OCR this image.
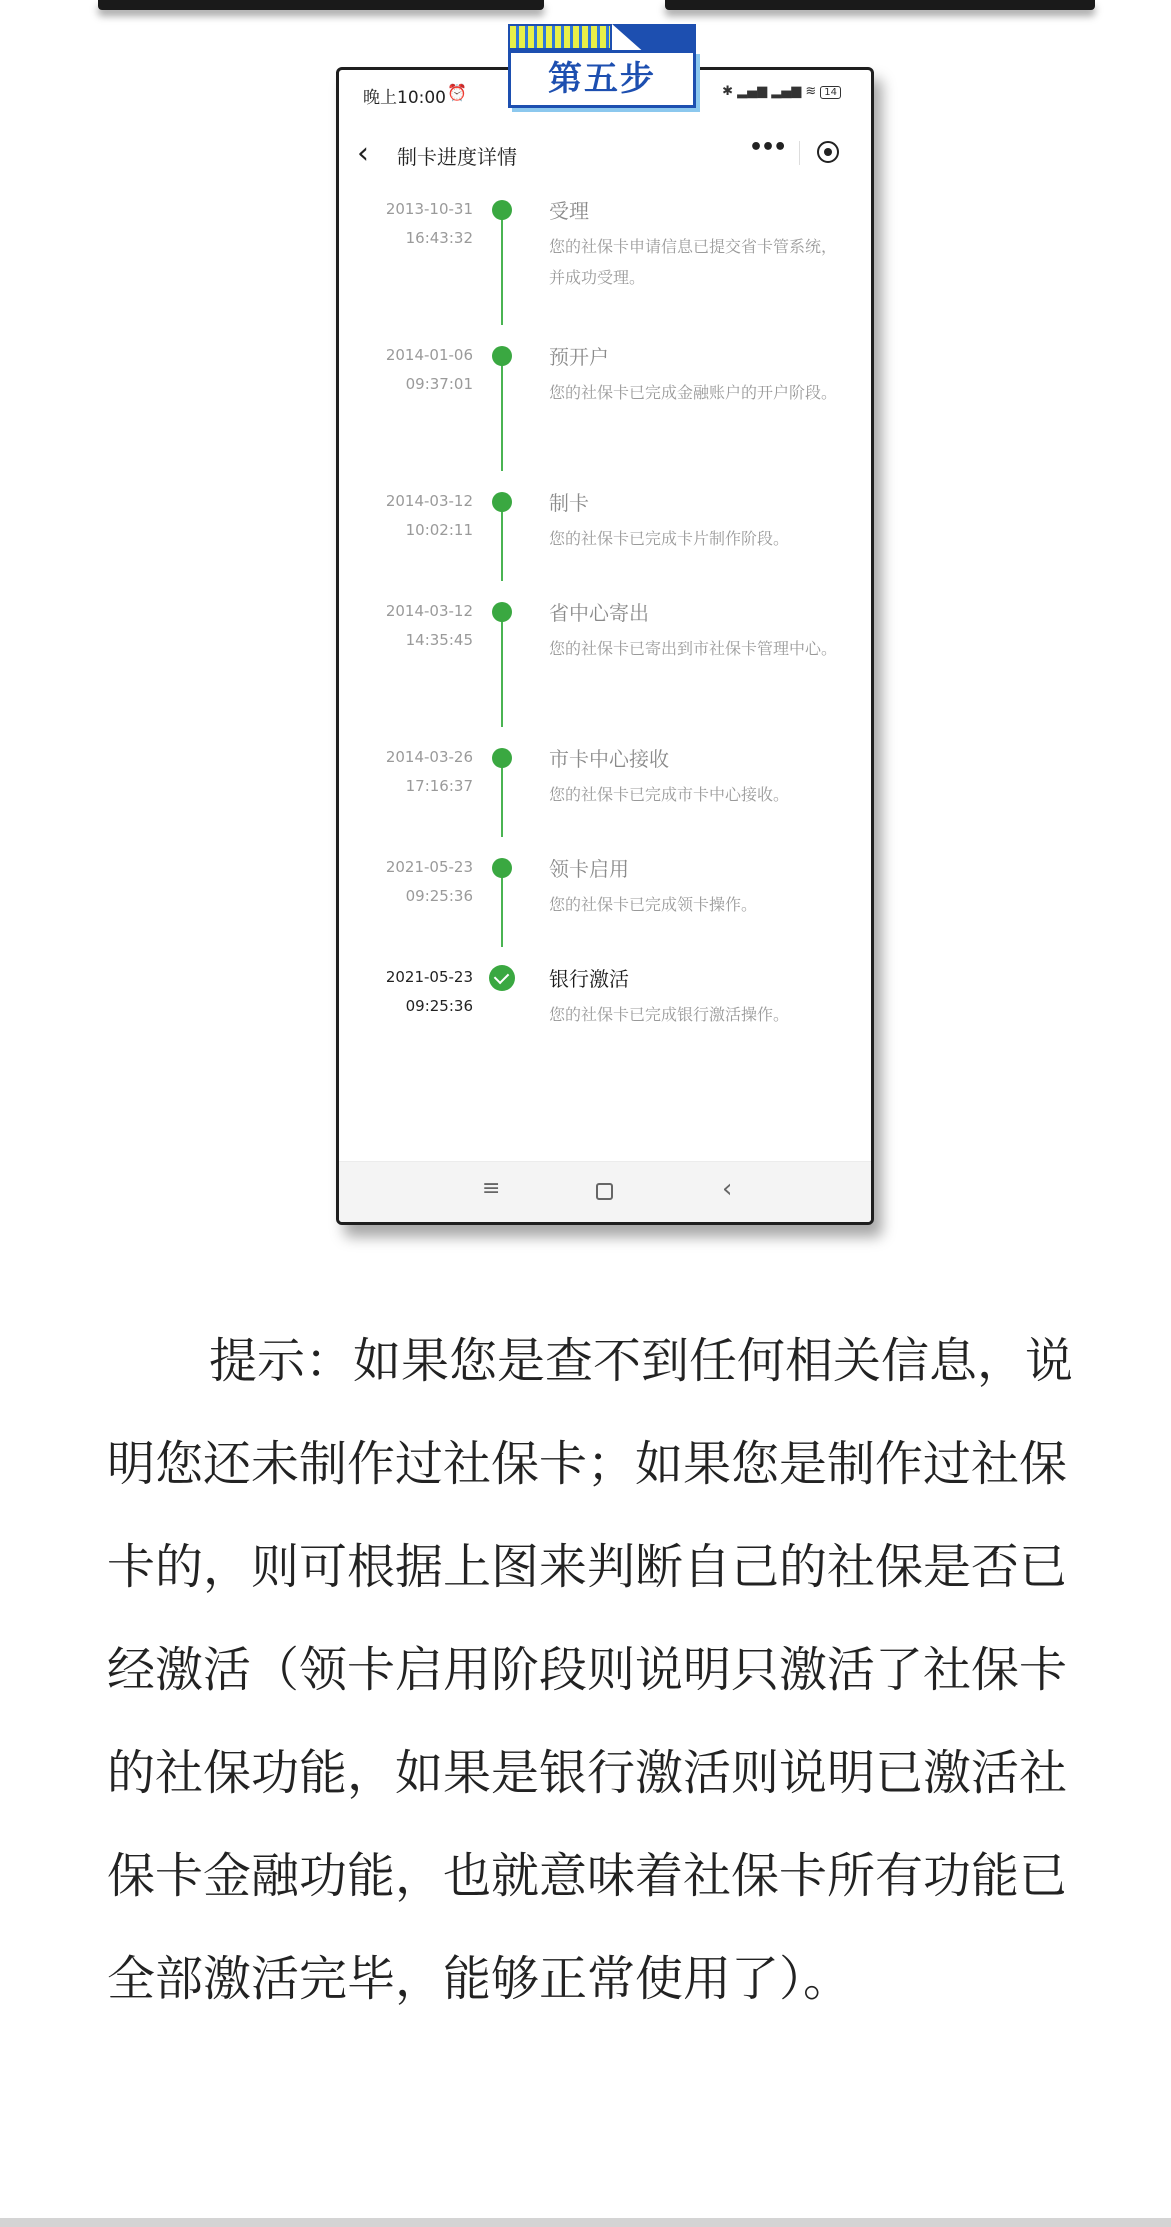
晚上10:00 ⏰	✱ ▂▄▆ ▂▄▆ ≋ 14
‹ 制卡进度详情	•••
2013-10-31
16:43:32
受理
您的社保卡申请信息已提交省卡管系统，并成功受理。
2014-01-06
09:37:01
预开户
您的社保卡已完成金融账户的开户阶段。
2014-03-12
10:02:11
制卡
您的社保卡已完成卡片制作阶段。
2014-03-12
14:35:45
省中心寄出
您的社保卡已寄出到市社保卡管理中心。
2014-03-26
17:16:37
市卡中心接收
您的社保卡已完成市卡中心接收。
2021-05-23
09:25:36
领卡启用
您的社保卡已完成领卡操作。
2021-05-23
09:25:36
银行激活
您的社保卡已完成银行激活操作。
≡	‹
第五步
提示：如果您是查不到任何相关信息，说明您还未制作过社保卡；如果您是制作过社保卡的，则可根据上图来判断自己的社保是否已经激活（领卡启用阶段则说明只激活了社保卡的社保功能，如果是银行激活则说明已激活社保卡金融功能，也就意味着社保卡所有功能已全部激活完毕，能够正常使用了）。
